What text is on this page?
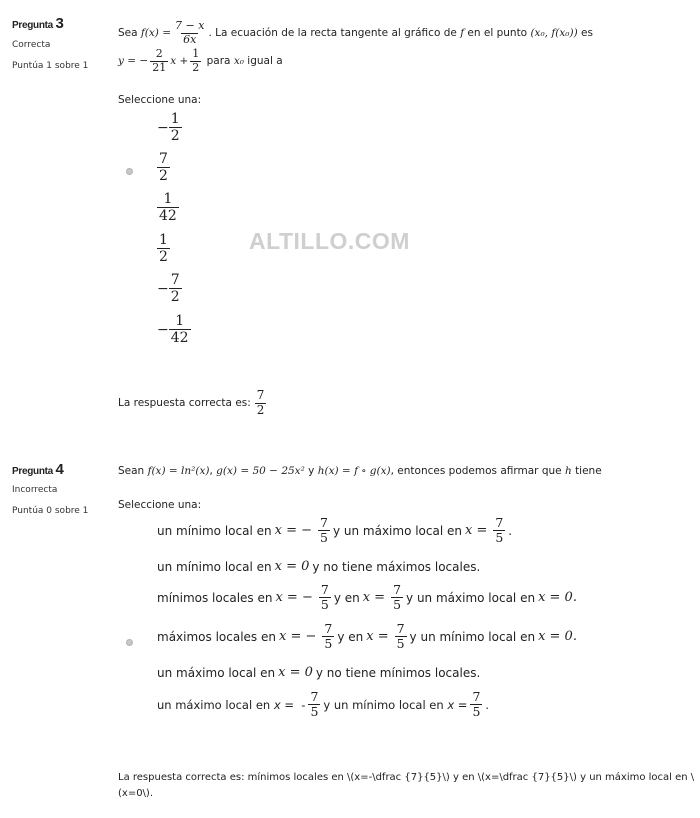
Pregunta 3
Correcta
Puntúa 1 sobre 1
Sea
$f(x) = \frac{7 - x}{6x}$ . La ecuación de la recta tangente al gráfico de
f
en el punto
(x₀, f(x₀))
es
y = − $\frac{2}{21}$ $x + \frac{1}{2}$
para
x₀
igual a
Seleccione una:
− $\frac{1}{2}$
$\frac{7}{2}$
$\frac{1}{42}$
$\frac{1}{2}$
− $\frac{7}{2}$
− $\frac{1}{42}$
ALTILLO.COM
La respuesta correcta es: $\frac{7}{2}$
Pregunta 4
Incorrecta
Puntúa 0 sobre 1
Sean
f(x) = ln²(x) , g(x) = 50 − 25x²
y
h(x) = f ∘ g(x) , entonces podemos afirmar que
h
tiene
Seleccione una:
un mínimo local en x = − $\frac{7}{5}$ y un máximo local en $x = \frac{7}{5}$ .
un mínimo local en x = 0 y no tiene máximos locales.
mínimos locales en x = − $\frac{7}{5}$ y en $x = \frac{7}{5}$ y un máximo local en x = 0.
máximos locales en x = − $\frac{7}{5}$ y en $x = \frac{7}{5}$ y un mínimo local en x = 0.
un máximo local en x = 0 y no tiene mínimos locales.
un máximo local en
x =
- $\frac{7}{5}$ y un mínimo local en
$x = \frac{7}{5}$ .
La respuesta correcta es: mínimos locales en \(x=-\dfrac {7}{5}\) y en \(x=\dfrac {7}{5}\) y un máximo local en \
(x=0\).
